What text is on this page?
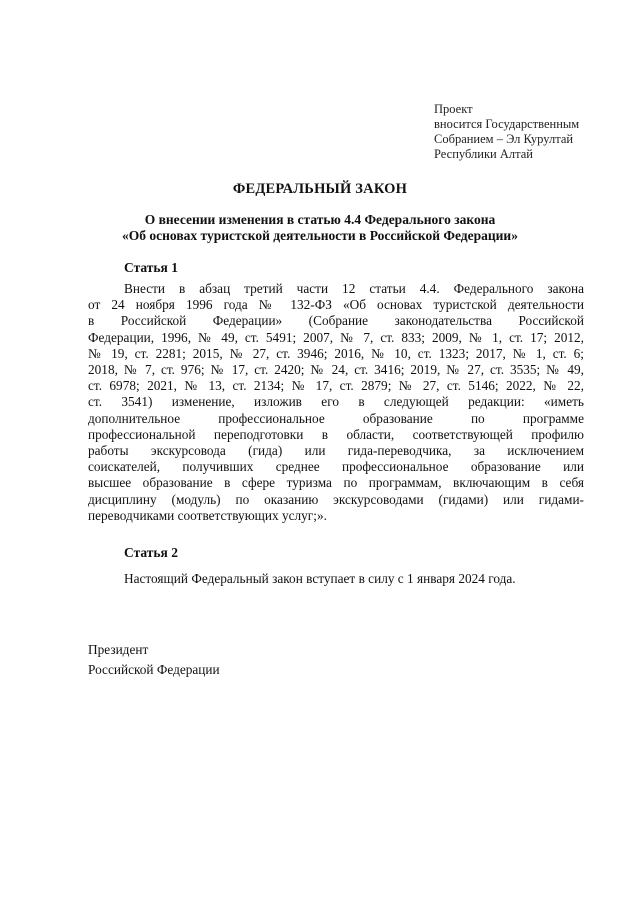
Проект
вносится Государственным
Собранием – Эл Курултай
Республики Алтай
ФЕДЕРАЛЬНЫЙ ЗАКОН
О внесении изменения в статью 4.4 Федерального закона
«Об основах туристской деятельности в Российской Федерации»
Статья 1
Внести в абзац третий части 12 статьи 4.4. Федерального закона
от 24 ноября 1996 года № 132-ФЗ «Об основах туристской деятельности
в Российской Федерации» (Собрание законодательства Российской
Федерации, 1996, № 49, ст. 5491; 2007, № 7, ст. 833; 2009, № 1, ст. 17; 2012,
№ 19, ст. 2281; 2015, № 27, ст. 3946; 2016, № 10, ст. 1323; 2017, № 1, ст. 6;
2018, № 7, ст. 976; № 17, ст. 2420; № 24, ст. 3416; 2019, № 27, ст. 3535; № 49,
ст. 6978; 2021, № 13, ст. 2134; № 17, ст. 2879; № 27, ст. 5146; 2022, № 22,
ст. 3541) изменение, изложив его в следующей редакции: «иметь
дополнительное профессиональное образование по программе
профессиональной переподготовки в области, соответствующей профилю
работы экскурсовода (гида) или гида-переводчика, за исключением
соискателей, получивших среднее профессиональное образование или
высшее образование в сфере туризма по программам, включающим в себя
дисциплину (модуль) по оказанию экскурсоводами (гидами) или гидами-
переводчиками соответствующих услуг;».
Статья 2
Настоящий Федеральный закон вступает в силу с 1 января 2024 года.
Президент
Российской Федерации
